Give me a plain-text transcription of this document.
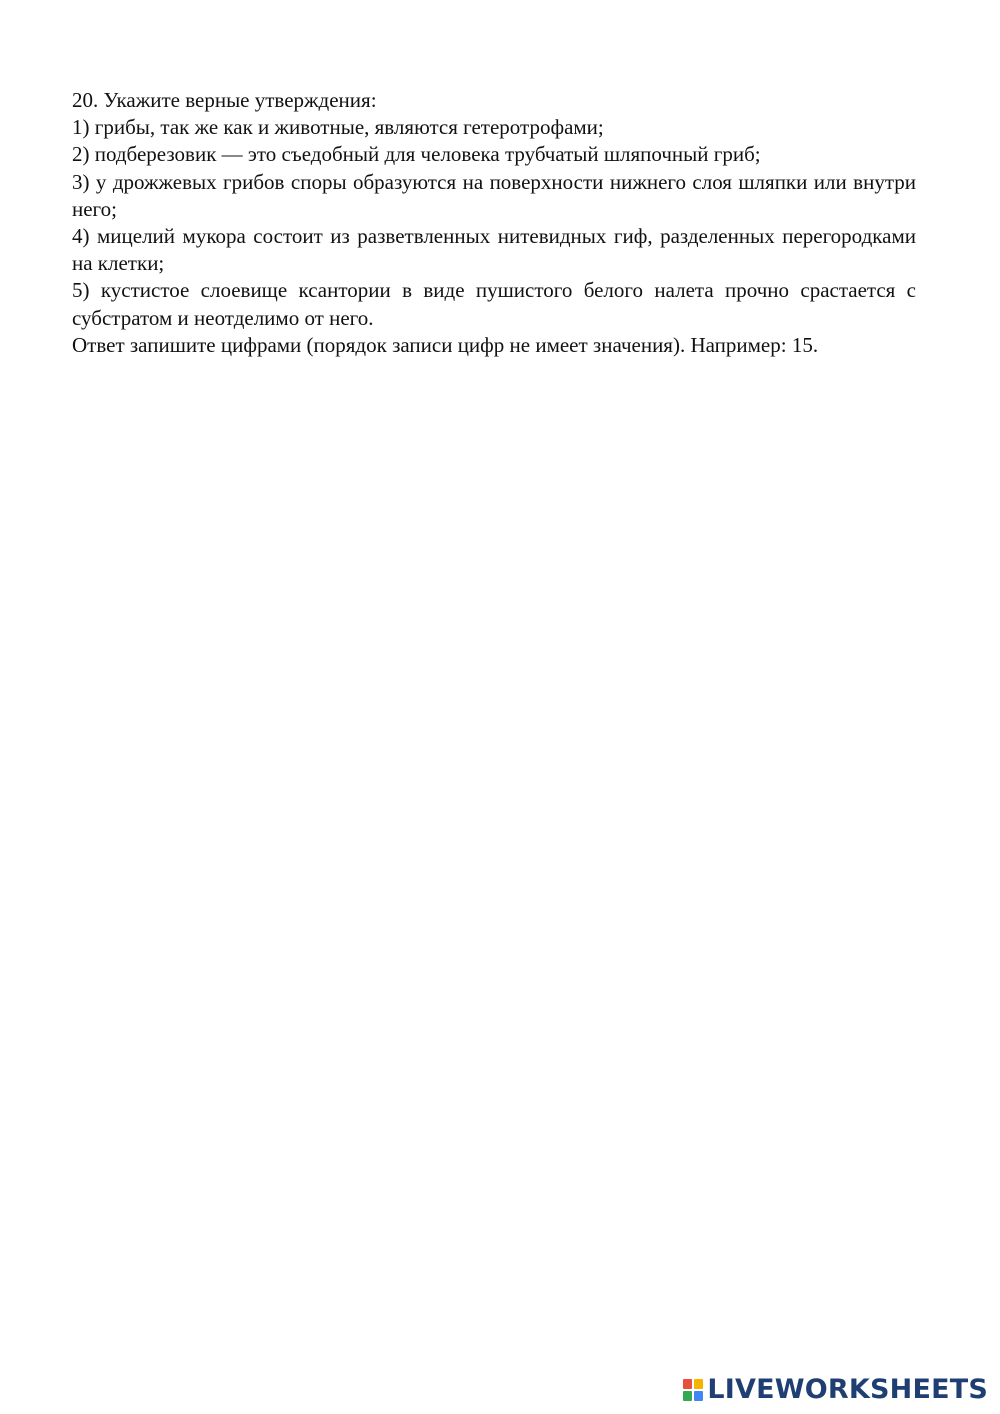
20. Укажите верные утверждения:

1) грибы, так же как и животные, являются гетеротрофами;

2) подберезовик — это съедобный для человека трубчатый шляпочный гриб;

3) у дрожжевых грибов споры образуются на поверхности нижнего слоя шляпки или внутри него;

4) мицелий мукора состоит из разветвленных нитевидных гиф, разделенных перегородками на клетки;

5) кустистое слоевище ксантории в виде пушистого белого налета прочно срастается с субстратом и неотделимо от него.

Ответ запишите цифрами (порядок записи цифр не имеет значения). Например: 15.

LIVEWORKSHEETS
